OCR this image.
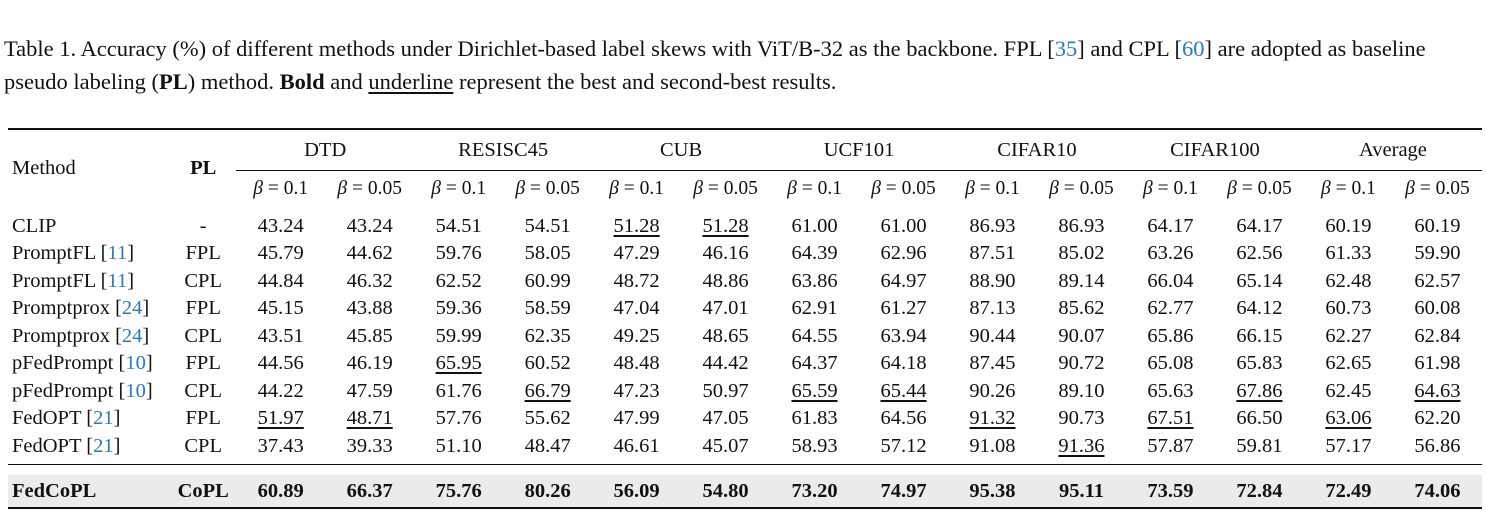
Table 1. Accuracy (%) of different methods under Dirichlet-based label skews with ViT/B-32 as the backbone. FPL [35] and CPL [60] are adopted as baseline pseudo labeling (PL) method. Bold and underline represent the best and second-best results.
Method	PL	DTD		RESISC45		CUB		UCF101		CIFAR10		CIFAR100		Average	
		β = 0.1	β = 0.05	β = 0.1	β = 0.05	β = 0.1	β = 0.05	β = 0.1	β = 0.05	β = 0.1	β = 0.05	β = 0.1	β = 0.05	β = 0.1	β = 0.05
CLIP	-	43.24	43.24	54.51	54.51	51.28	51.28	61.00	61.00	86.93	86.93	64.17	64.17	60.19	60.19
PromptFL [11]	FPL	45.79	44.62	59.76	58.05	47.29	46.16	64.39	62.96	87.51	85.02	63.26	62.56	61.33	59.90
PromptFL [11]	CPL	44.84	46.32	62.52	60.99	48.72	48.86	63.86	64.97	88.90	89.14	66.04	65.14	62.48	62.57
Promptprox [24]	FPL	45.15	43.88	59.36	58.59	47.04	47.01	62.91	61.27	87.13	85.62	62.77	64.12	60.73	60.08
Promptprox [24]	CPL	43.51	45.85	59.99	62.35	49.25	48.65	64.55	63.94	90.44	90.07	65.86	66.15	62.27	62.84
pFedPrompt [10]	FPL	44.56	46.19	65.95	60.52	48.48	44.42	64.37	64.18	87.45	90.72	65.08	65.83	62.65	61.98
pFedPrompt [10]	CPL	44.22	47.59	61.76	66.79	47.23	50.97	65.59	65.44	90.26	89.10	65.63	67.86	62.45	64.63
FedOPT [21]	FPL	51.97	48.71	57.76	55.62	47.99	47.05	61.83	64.56	91.32	90.73	67.51	66.50	63.06	62.20
FedOPT [21]	CPL	37.43	39.33	51.10	48.47	46.61	45.07	58.93	57.12	91.08	91.36	57.87	59.81	57.17	56.86

FedCoPL	CoPL	60.89	66.37	75.76	80.26	56.09	54.80	73.20	74.97	95.38	95.11	73.59	72.84	72.49	74.06
